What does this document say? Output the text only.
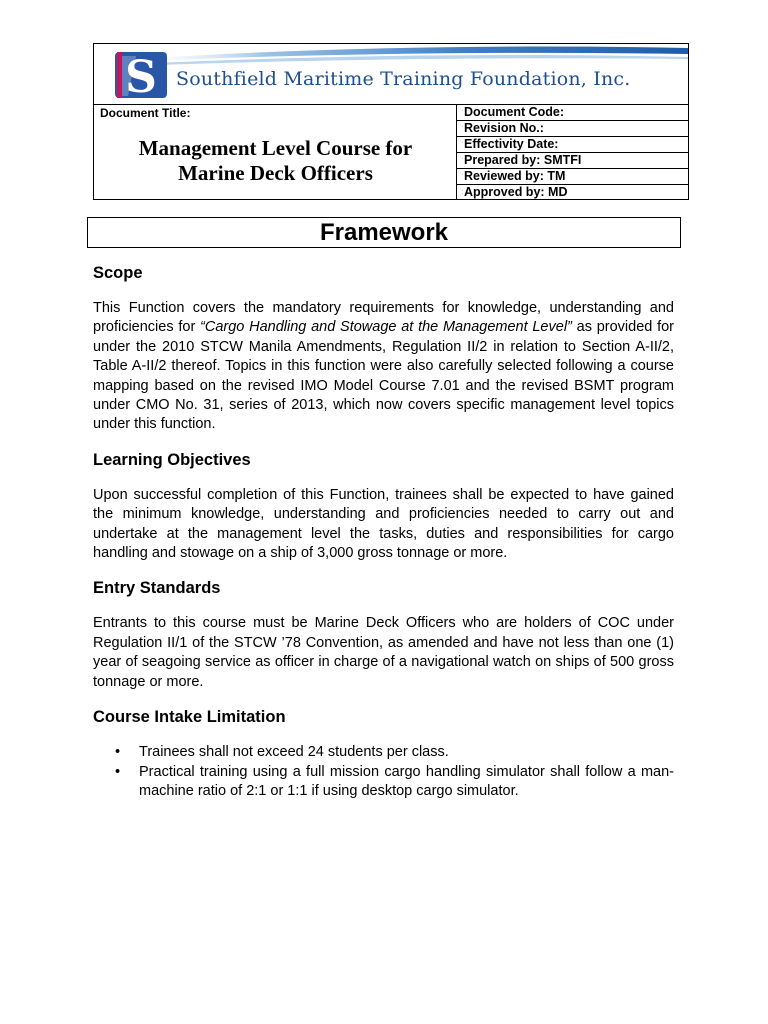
S Southfield Maritime Training Foundation, Inc.
Document Title:
Management Level Course for
Marine Deck Officers
Document Code:
Revision No.:
Effectivity Date:
Prepared by: SMTFI
Reviewed by: TM
Approved by: MD
Framework
Scope

This Function covers the mandatory requirements for knowledge, understanding and proficiencies for “Cargo Handling and Stowage at the Management Level” as provided for under the 2010 STCW Manila Amendments, Regulation II/2 in relation to Section A-II/2, Table A-II/2 thereof. Topics in this function were also carefully selected following a course mapping based on the revised IMO Model Course 7.01 and the revised BSMT program under CMO No. 31, series of 2013, which now covers specific management level topics under this function.

Learning Objectives

Upon successful completion of this Function, trainees shall be expected to have gained the minimum knowledge, understanding and proficiencies needed to carry out and undertake at the management level the tasks, duties and responsibilities for cargo handling and stowage on a ship of 3,000 gross tonnage or more.

Entry Standards

Entrants to this course must be Marine Deck Officers who are holders of COC under Regulation II/1 of the STCW ’78 Convention, as amended and have not less than one (1) year of seagoing service as officer in charge of a navigational watch on ships of 500 gross tonnage or more.

Course Intake Limitation
• Trainees shall not exceed 24 students per class.
• Practical training using a full mission cargo handling simulator shall follow a man-machine ratio of 2:1 or 1:1 if using desktop cargo simulator.
